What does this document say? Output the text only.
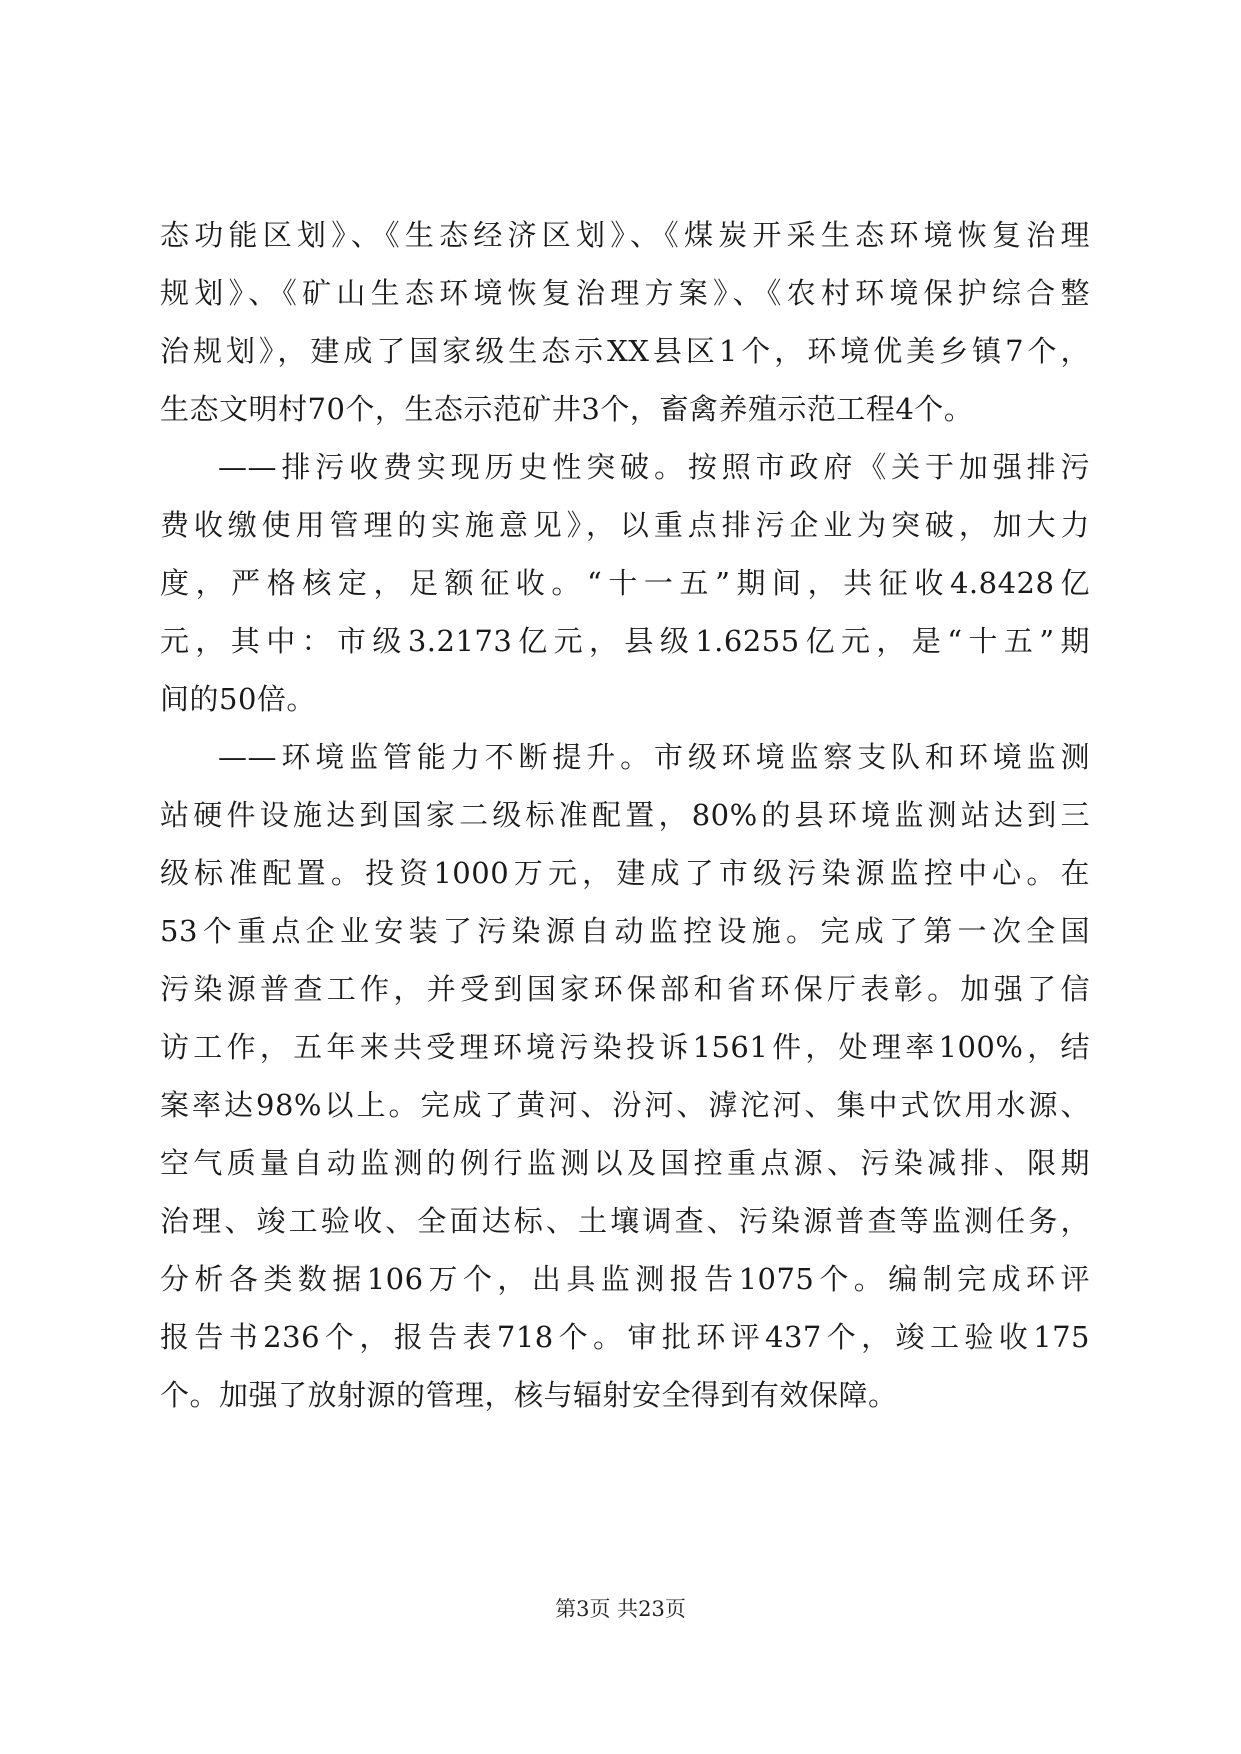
态功能区划》、《生态经济区划》、《煤炭开采生态环境恢复治理
规划》、《矿山生态环境恢复治理方案》、《农村环境保护综合整
治规划》，建成了国家级生态示XX县区1个，环境优美乡镇7个，
生态文明村70个，生态示范矿井3个，畜禽养殖示范工程4个。
——排污收费实现历史性突破。按照市政府《关于加强排污
费收缴使用管理的实施意见》，以重点排污企业为突破，加大力
度，严格核定，足额征收。“十一五”期间，共征收4.8428亿
元，其中：市级3.2173亿元，县级1.6255亿元，是“十五”期
间的50倍。
——环境监管能力不断提升。市级环境监察支队和环境监测
站硬件设施达到国家二级标准配置，80%的县环境监测站达到三
级标准配置。投资1000万元，建成了市级污染源监控中心。在
53个重点企业安装了污染源自动监控设施。完成了第一次全国
污染源普查工作，并受到国家环保部和省环保厅表彰。加强了信
访工作，五年来共受理环境污染投诉1561件，处理率100%，结
案率达98%以上。完成了黄河、汾河、滹沱河、集中式饮用水源、
空气质量自动监测的例行监测以及国控重点源、污染减排、限期
治理、竣工验收、全面达标、土壤调查、污染源普查等监测任务，
分析各类数据106万个，出具监测报告1075个。编制完成环评
报告书236个，报告表718个。审批环评437个，竣工验收175
个。加强了放射源的管理，核与辐射安全得到有效保障。
第3页 共23页
